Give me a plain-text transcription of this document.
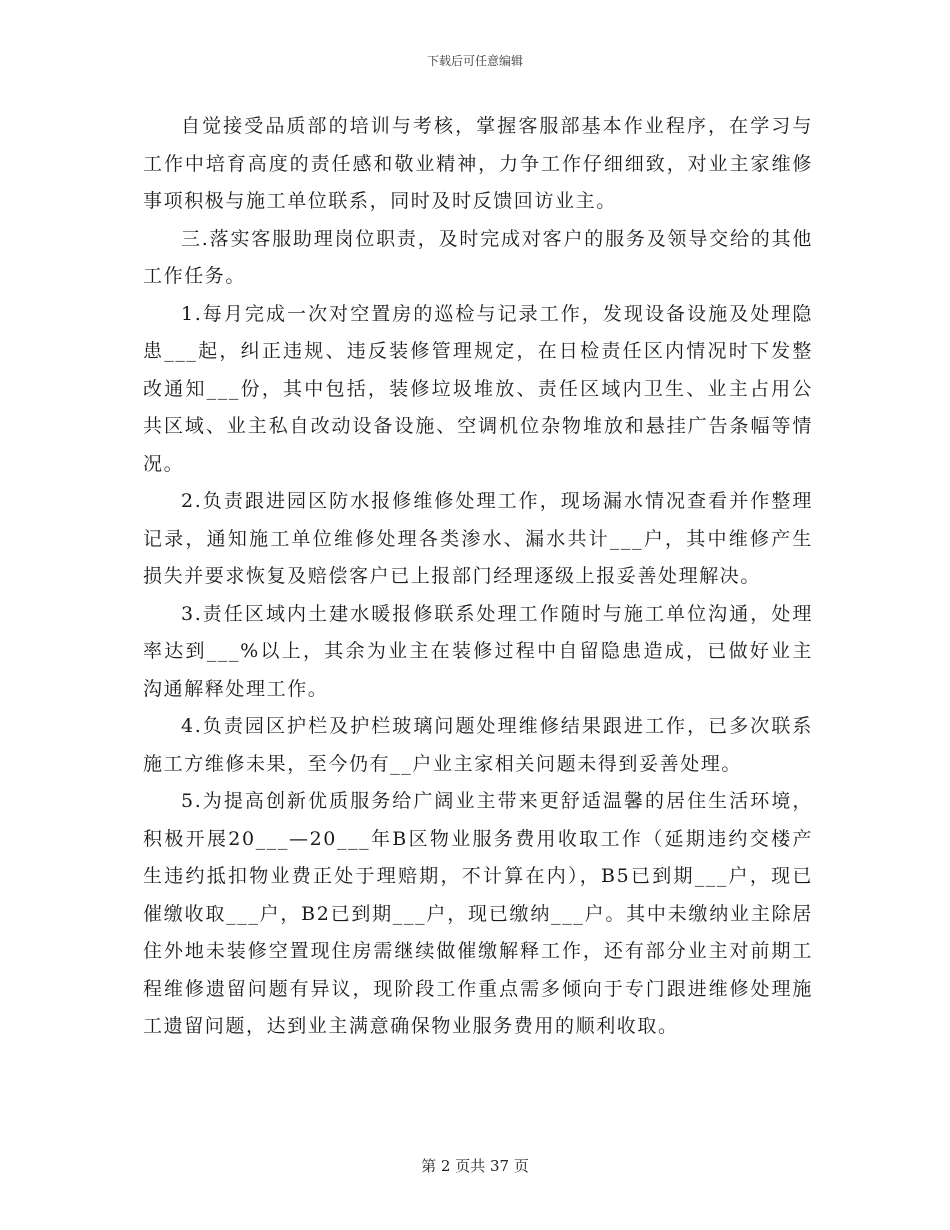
下载后可任意编辑

自觉接受品质部的培训与考核，掌握客服部基本作业程序，在学习与工作中培育高度的责任感和敬业精神，力争工作仔细细致，对业主家维修事项积极与施工单位联系，同时及时反馈回访业主。

三.落实客服助理岗位职责，及时完成对客户的服务及领导交给的其他工作任务。

1.每月完成一次对空置房的巡检与记录工作，发现设备设施及处理隐患___起，纠正违规、违反装修管理规定，在日检责任区内情况时下发整改通知___份，其中包括，装修垃圾堆放、责任区域内卫生、业主占用公共区域、业主私自改动设备设施、空调机位杂物堆放和悬挂广告条幅等情况。

2.负责跟进园区防水报修维修处理工作，现场漏水情况查看并作整理记录，通知施工单位维修处理各类渗水、漏水共计___户，其中维修产生损失并要求恢复及赔偿客户已上报部门经理逐级上报妥善处理解决。

3.责任区域内土建水暖报修联系处理工作随时与施工单位沟通，处理率达到___%以上，其余为业主在装修过程中自留隐患造成，已做好业主沟通解释处理工作。

4.负责园区护栏及护栏玻璃问题处理维修结果跟进工作，已多次联系施工方维修未果，至今仍有__户业主家相关问题未得到妥善处理。

5.为提高创新优质服务给广阔业主带来更舒适温馨的居住生活环境，积极开展20___—20___年B区物业服务费用收取工作（延期违约交楼产生违约抵扣物业费正处于理赔期，不计算在内），B5已到期___户，现已催缴收取___户，B2已到期___户，现已缴纳___户。其中未缴纳业主除居住外地未装修空置现住房需继续做催缴解释工作，还有部分业主对前期工程维修遗留问题有异议，现阶段工作重点需多倾向于专门跟进维修处理施工遗留问题，达到业主满意确保物业服务费用的顺利收取。

第 2 页共 37 页
